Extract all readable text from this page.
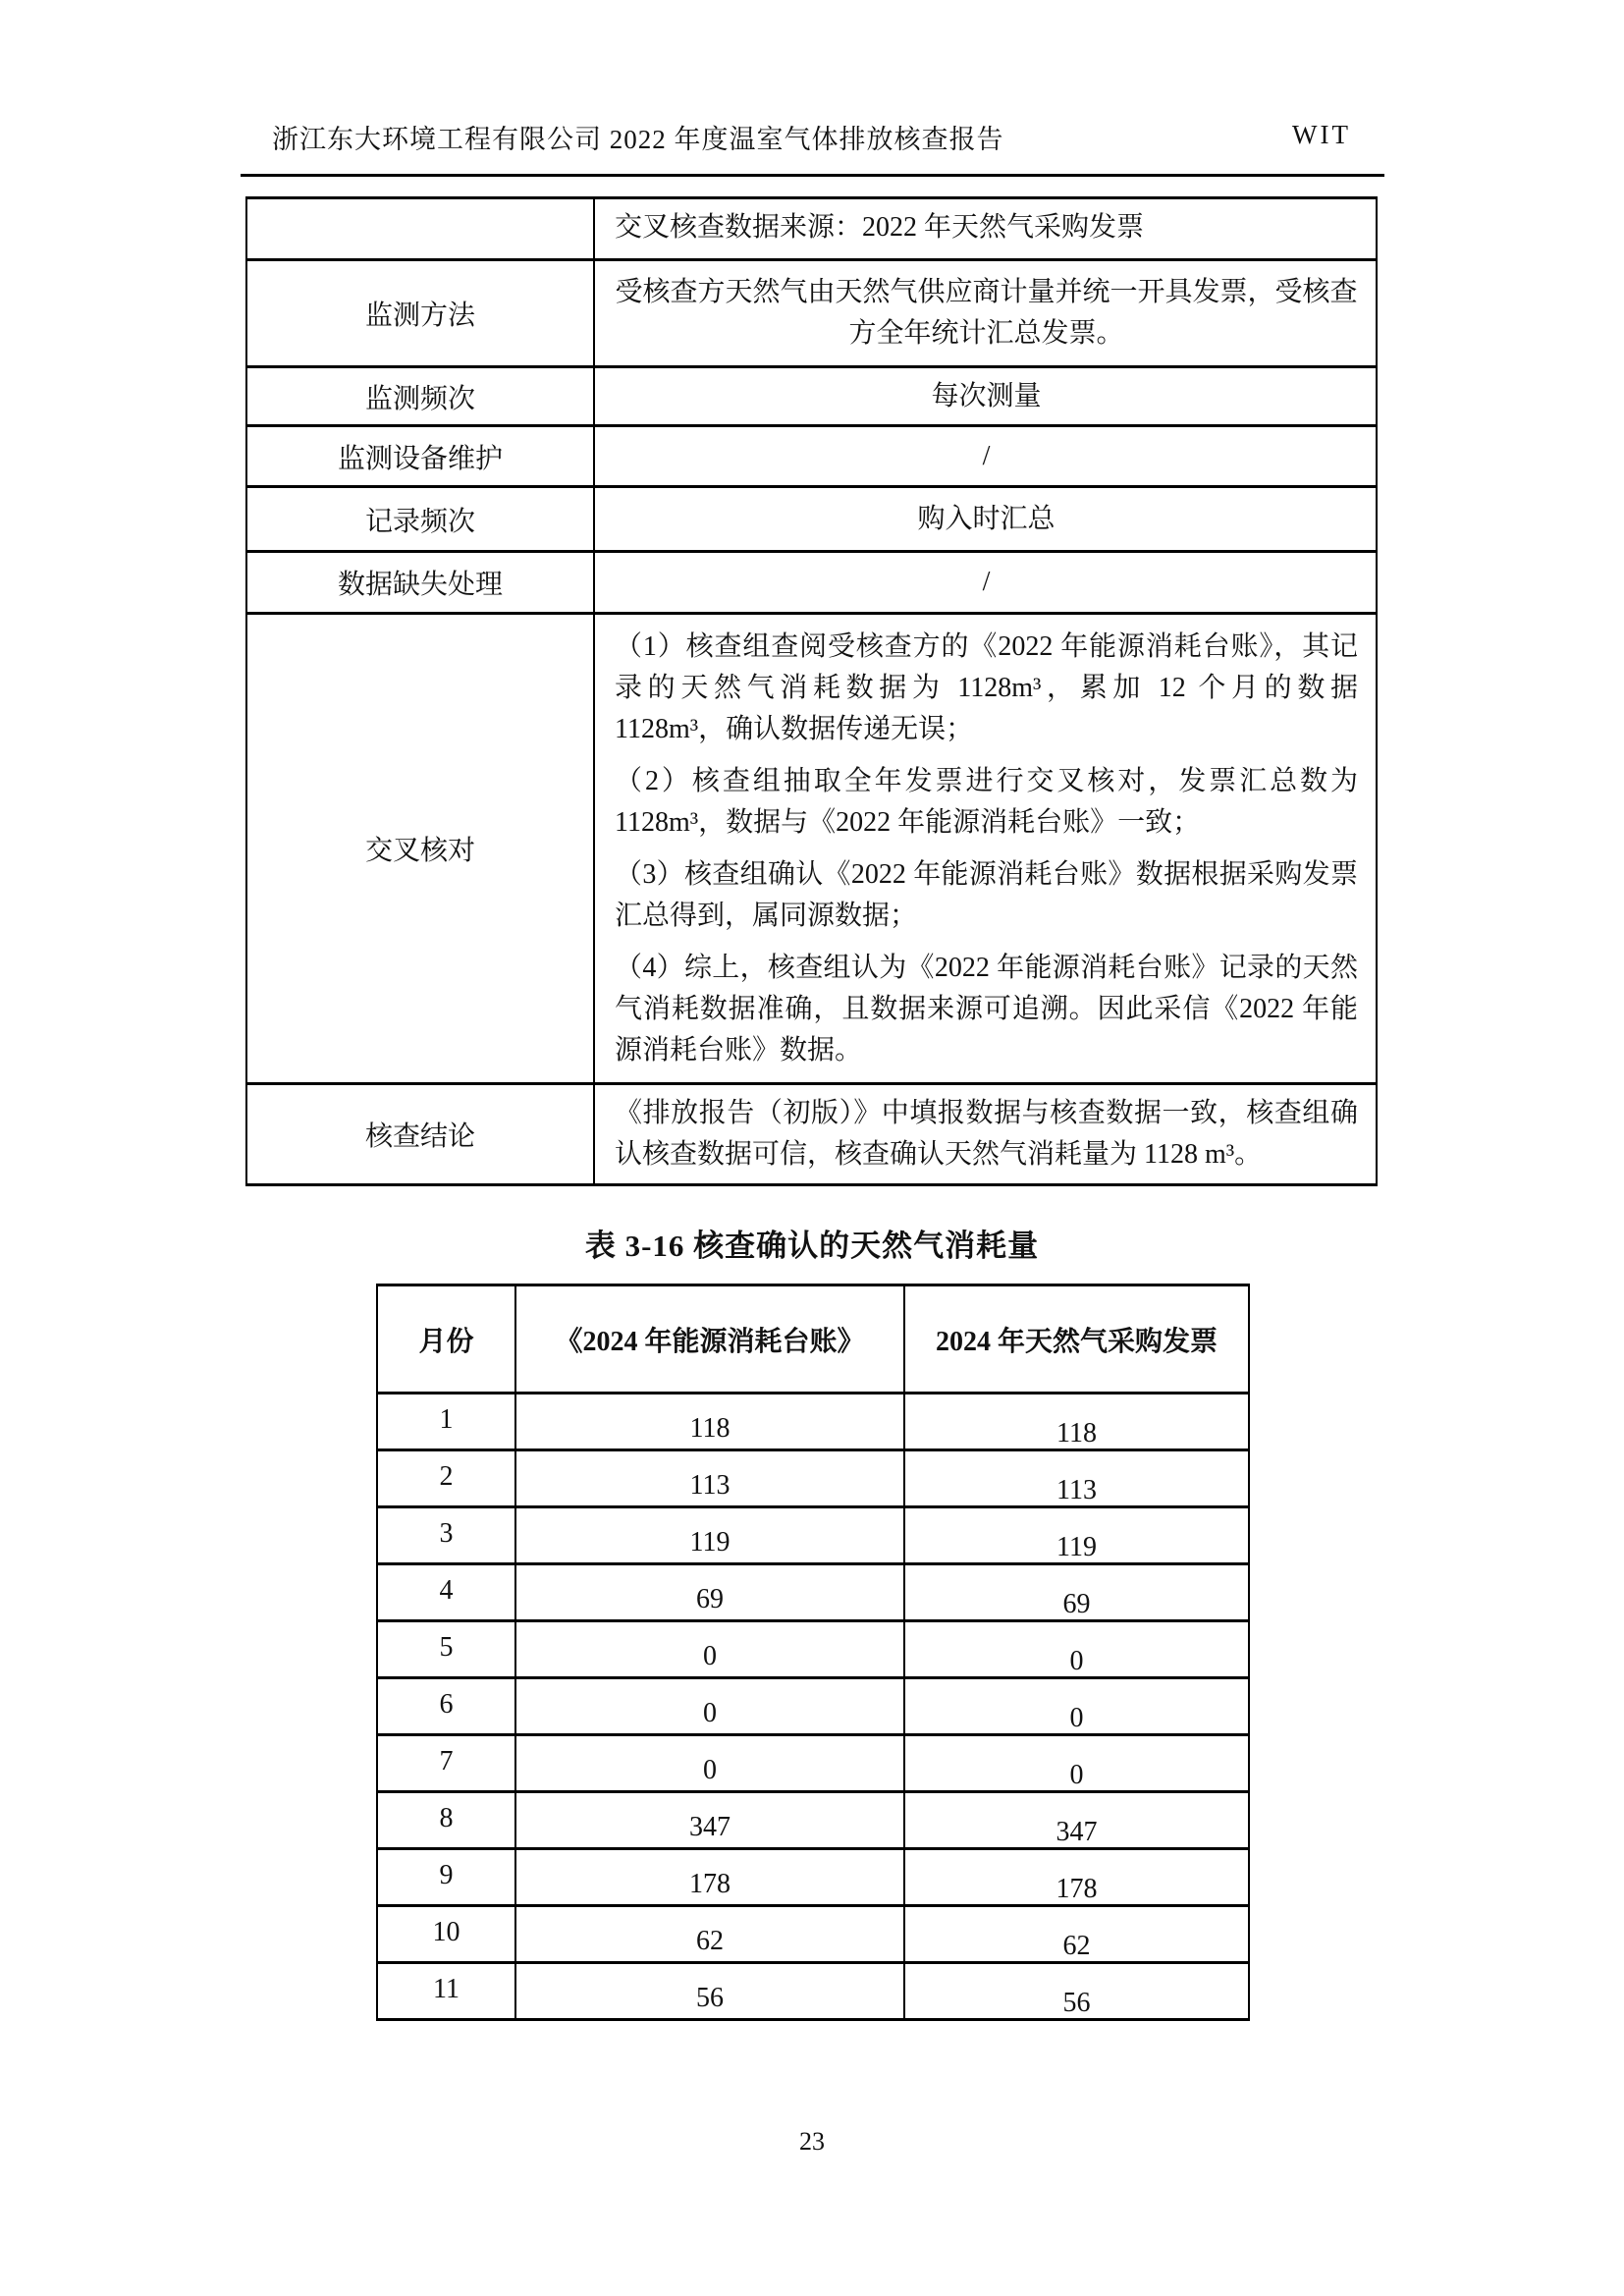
浙江东大环境工程有限公司 2022 年度温室气体排放核查报告	WIT
	交叉核查数据来源：2022 年天然气采购发票
监测方法	受核查方天然气由天然气供应商计量并统一开具发票，受核查方全年统计汇总发票。
监测频次	每次测量
监测设备维护	/
记录频次	购入时汇总
数据缺失处理	/
交叉核对	（1）核查组查阅受核查方的《2022 年能源消耗台账》，其记录的天然气消耗数据为 1128m³，累加 12 个月的数据 1128m³，确认数据传递无误；

（2）核查组抽取全年发票进行交叉核对，发票汇总数为 1128m³，数据与《2022 年能源消耗台账》一致；

（3）核查组确认《2022 年能源消耗台账》数据根据采购发票汇总得到，属同源数据；

（4）综上，核查组认为《2022 年能源消耗台账》记录的天然气消耗数据准确，且数据来源可追溯。因此采信《2022 年能源消耗台账》数据。

核查结论	《排放报告（初版）》中填报数据与核查数据一致，核查组确认核查数据可信，核查确认天然气消耗量为 1128 m³。
表 3-16 核查确认的天然气消耗量
月份	《2024 年能源消耗台账》	2024 年天然气采购发票
1	118	118
2	113	113
3	119	119
4	69	69
5	0	0
6	0	0
7	0	0
8	347	347
9	178	178
10	62	62
11	56	56
23
